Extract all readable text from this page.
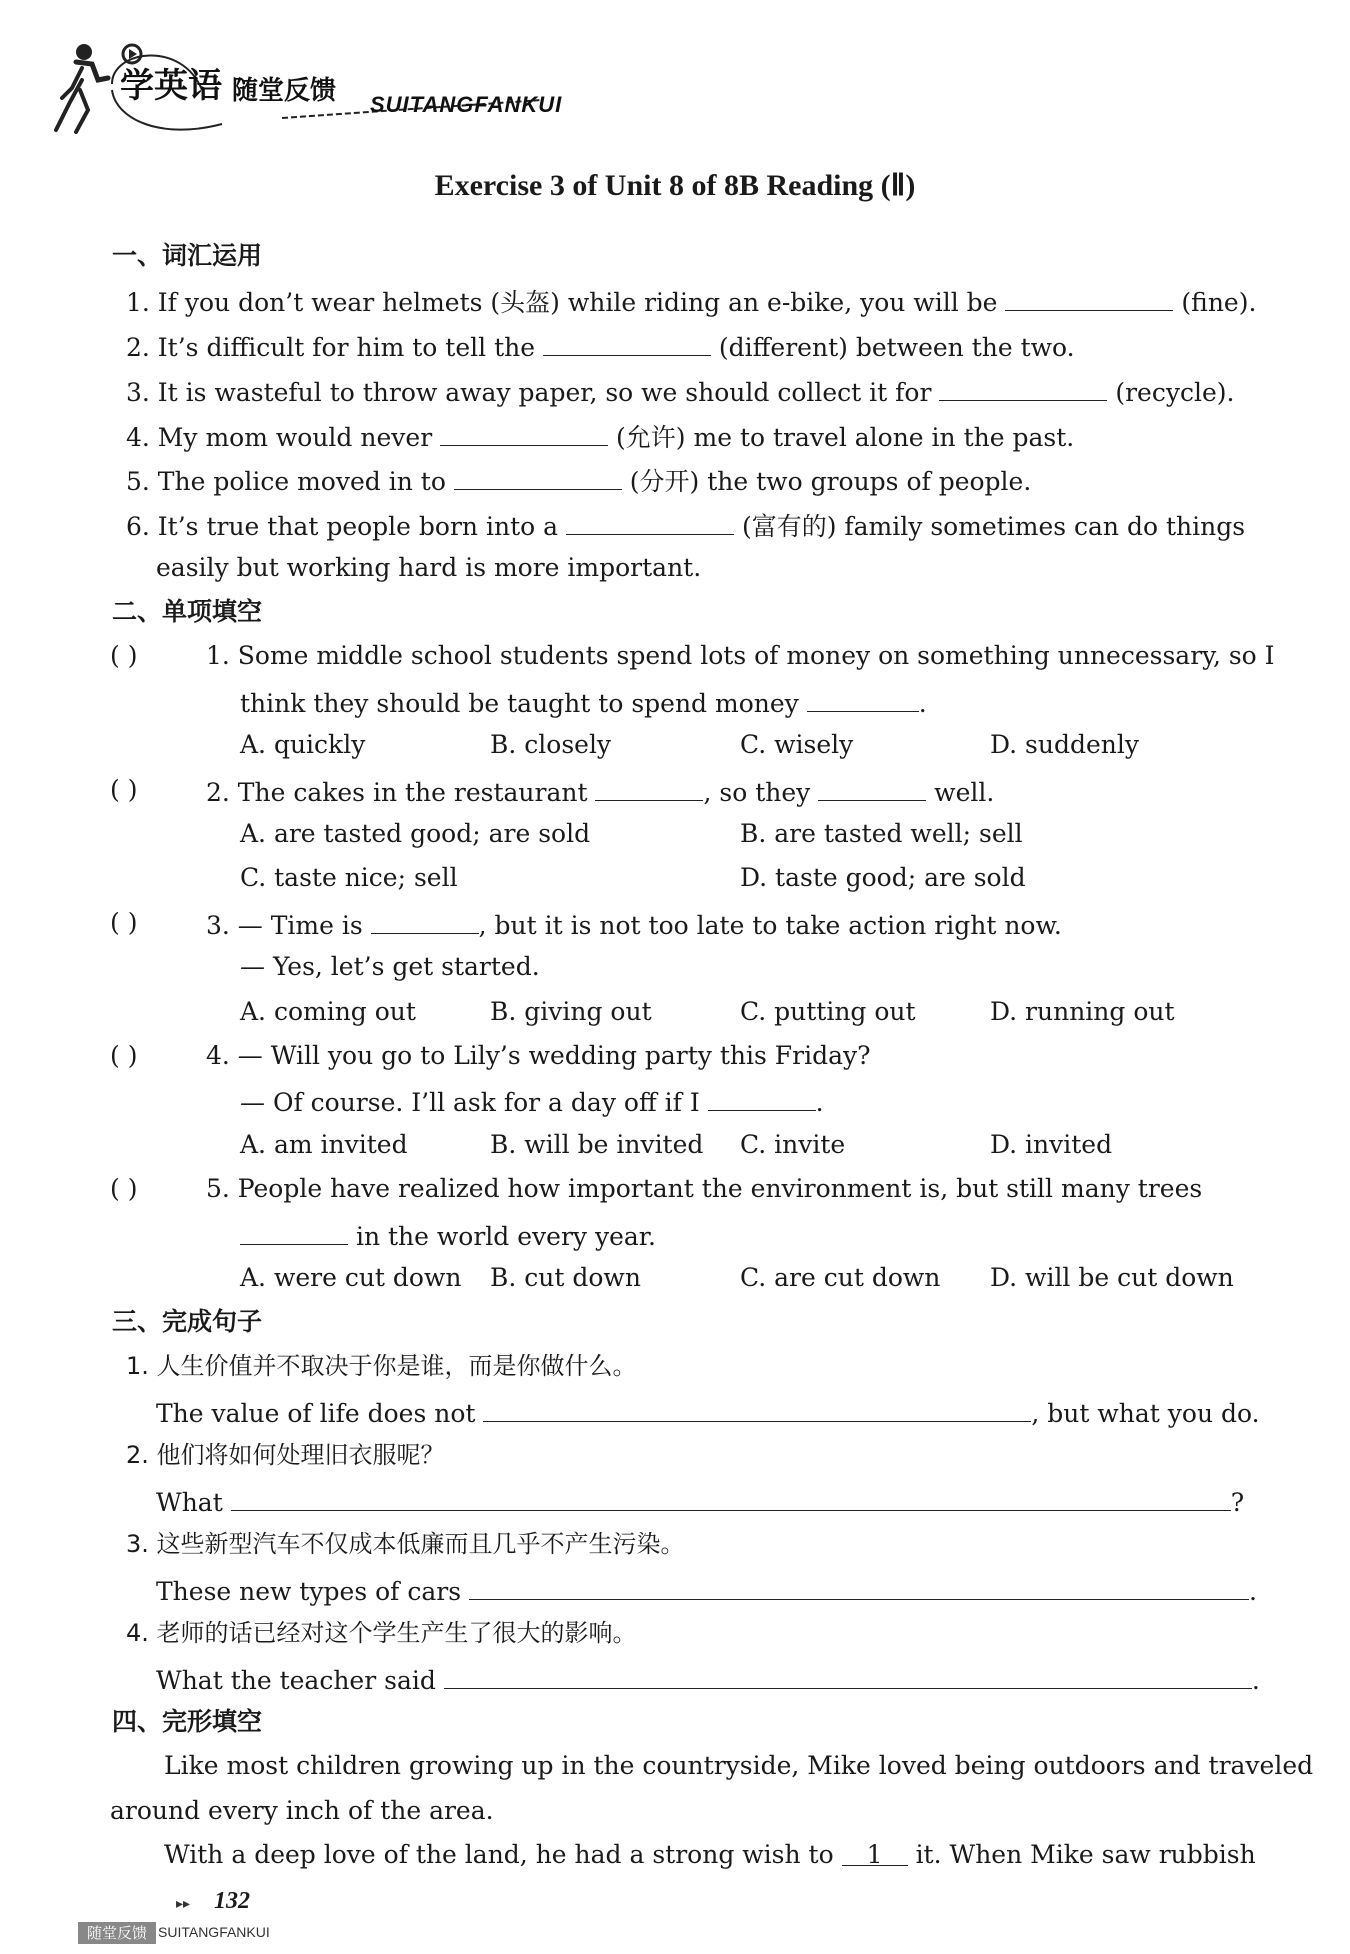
学英语 随堂反馈 SUITANGFANKUI
Exercise 3 of Unit 8 of 8B Reading (Ⅱ)
一、词汇运用
1. If you don’t wear helmets (头盔) while riding an e-bike, you will be	(fine).
2. It’s difficult for him to tell the	(different) between the two.
3. It is wasteful to throw away paper, so we should collect it for	(recycle).
4. My mom would never	(允许) me to travel alone in the past.
5. The police moved in to	(分开) the two groups of people.
6. It’s true that people born into a	(富有的) family sometimes can do things
easily but working hard is more important.
二、单项填空
( )	1. Some middle school students spend lots of money on something unnecessary, so I
think they should be taught to spend money	.
A. quickly	B. closely	C. wisely	D. suddenly
( )	2. The cakes in the restaurant	, so they	well.
A. are tasted good; are sold	B. are tasted well; sell
C. taste nice; sell	D. taste good; are sold
( )	3. — Time is	, but it is not too late to take action right now.
— Yes, let’s get started.
A. coming out	B. giving out	C. putting out	D. running out
( )	4. — Will you go to Lily’s wedding party this Friday?
— Of course. I’ll ask for a day off if I	.
A. am invited	B. will be invited C. invite	D. invited
( )	5. People have realized how important the environment is, but still many trees
in the world every year.
A. were cut down B. cut down	C. are cut down D. will be cut down
三、完成句子
1. 人生价值并不取决于你是谁，而是你做什么。
The value of life does not	, but what you do.
2. 他们将如何处理旧衣服呢？
What	?
3. 这些新型汽车不仅成本低廉而且几乎不产生污染。
These new types of cars	.
4. 老师的话已经对这个学生产生了很大的影响。
What the teacher said	.
四、完形填空
Like most children growing up in the countryside, Mike loved being outdoors and traveled
around every inch of the area.
With a deep love of the land, he had a strong wish to 1 it. When Mike saw rubbish
▸▸ 132
随堂反馈 SUITANGFANKUI
